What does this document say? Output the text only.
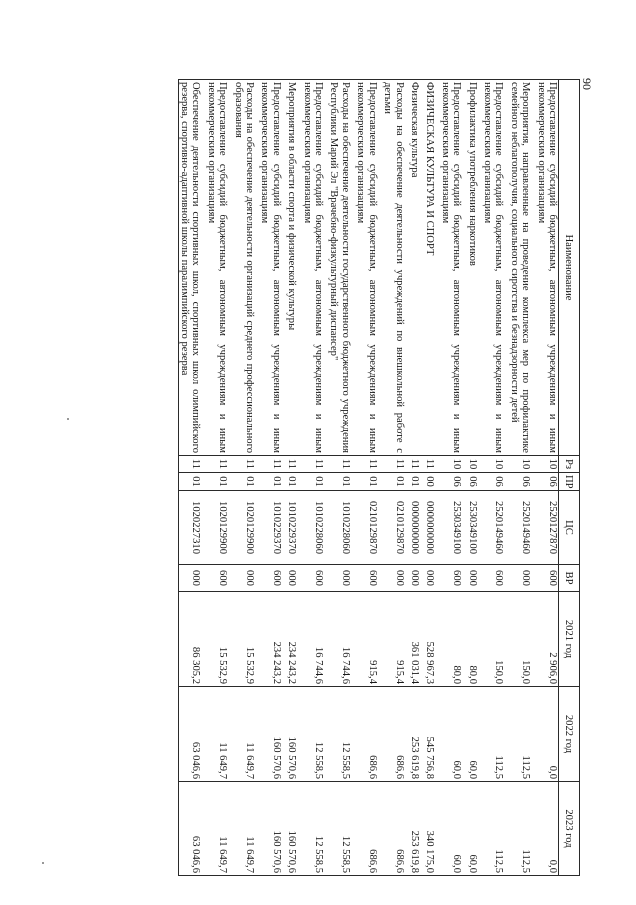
90
Наименование	Рз	ПР	ЦС	ВР	2021 год	2022 год	2023 год
Предоставление субсидий бюджетным, автономным учреждениям и иным некоммерческим организациям	10	06	2520127870	600	2 906,0	0,0	0,0
Мероприятия, направленные на проведение комплекса мер по профилактике семейного неблагополучия, социального сиротства и безнадзорности детей	10	06	2520149460	000	150,0	112,5	112,5
Предоставление субсидий бюджетным, автономным учреждениям и иным некоммерческим организациям	10	06	2520149460	600	150,0	112,5	112,5
Профилактика употребления наркотиков	10	06	2530349100	000	80,0	60,0	60,0
Предоставление субсидий бюджетным, автономным учреждениям и иным некоммерческим организациям	10	06	2530349100	600	80,0	60,0	60,0
ФИЗИЧЕСКАЯ КУЛЬТУРА И СПОРТ	11	00	0000000000	000	528 967,3	545 756,8	340 175,0
Физическая культура	11	01	0000000000	000	361 031,4	253 619,8	253 619,8
Расходы на обеспечение деятельности учреждений по внешкольной работе с детьми	11	01	0210129870	000	915,4	686,6	686,6
Предоставление субсидий бюджетным, автономным учреждениям и иным некоммерческим организациям	11	01	0210129870	600	915,4	686,6	686,6
Расходы на обеспечение деятельности государственного бюджетного учреждения Республики Марий Эл "Врачебно-физкультурный диспансер"	11	01	1010228060	000	16 744,6	12 558,5	12 558,5
Предоставление субсидий бюджетным, автономным учреждениям и иным некоммерческим организациям	11	01	1010228060	600	16 744,6	12 558,5	12 558,5
Мероприятия в области спорта и физической культуры	11	01	1010229370	000	234 243,2	160 570,6	160 570,6
Предоставление субсидий бюджетным, автономным учреждениям и иным некоммерческим организациям	11	01	1010229370	600	234 243,2	160 570,6	160 570,6
Расходы на обеспечение деятельности организаций среднего профессионального образования	11	01	1020129900	000	15 532,9	11 649,7	11 649,7
Предоставление субсидий бюджетным, автономным учреждениям и иным некоммерческим организациям	11	01	1020129900	600	15 532,9	11 649,7	11 649,7
Обеспечение деятельности спортивных школ, спортивных школ олимпийского резерва, спортивно-адаптивной школы паралимпийского резерва	11	01	1020227310	000	86 305,2	63 046,6	63 046,6
